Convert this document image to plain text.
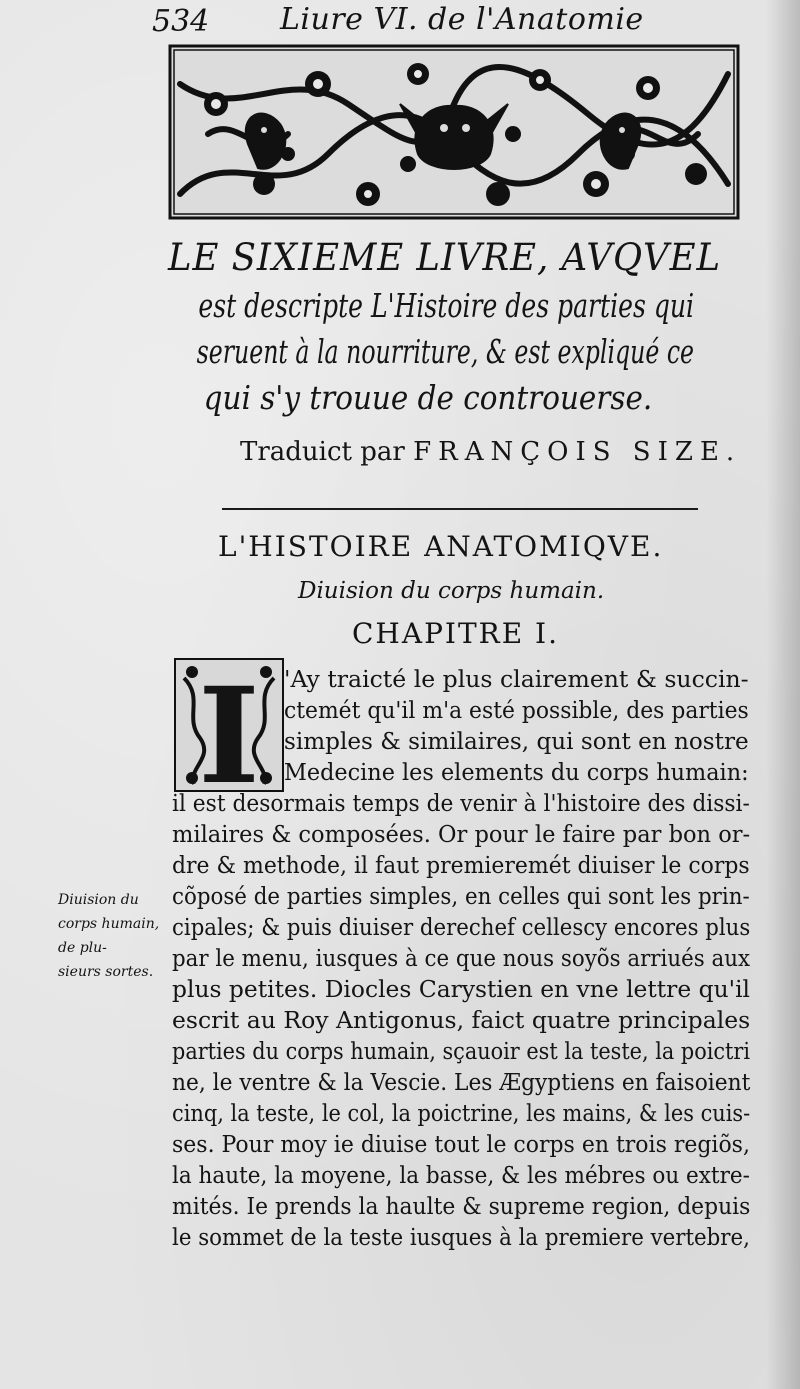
534 Liure VI. de l'Anatomie
LE SIXIEME LIVRE, AVQVEL
est descripte L'Histoire des parties qui
seruent à la nourriture, & est expliqué ce
qui s'y trouue de controuerse.
Traduict par FRANÇOIS SIZE.
L'HISTOIRE ANATOMIQVE.
Diuision du corps humain.
CHAPITRE I.
I 'Ay traicté le plus clairement & succin-
ctemét qu'il m'a esté possible, des parties
simples & similaires, qui sont en nostre
Medecine les elements du corps humain:
il est desormais temps de venir à l'histoire des dissi-
milaires & composées. Or pour le faire par bon or-
dre & methode, il faut premieremét diuiser le corps
cõposé de parties simples, en celles qui sont les prin-
cipales; & puis diuiser derechef cellescy encores plus
par le menu, iusques à ce que nous soyõs arriués aux
plus petites. Diocles Carystien en vne lettre qu'il
escrit au Roy Antigonus, faict quatre principales
parties du corps humain, sçauoir est la teste, la poictri
ne, le ventre & la Vescie. Les Ægyptiens en faisoient
cinq, la teste, le col, la poictrine, les mains, & les cuis-
ses. Pour moy ie diuise tout le corps en trois regiõs,
la haute, la moyene, la basse, & les mébres ou extre-
mités. Ie prends la haulte & supreme region, depuis
le sommet de la teste iusques à la premiere vertebre,
Diuision du
corps humain,
de plu-
sieurs sortes.
